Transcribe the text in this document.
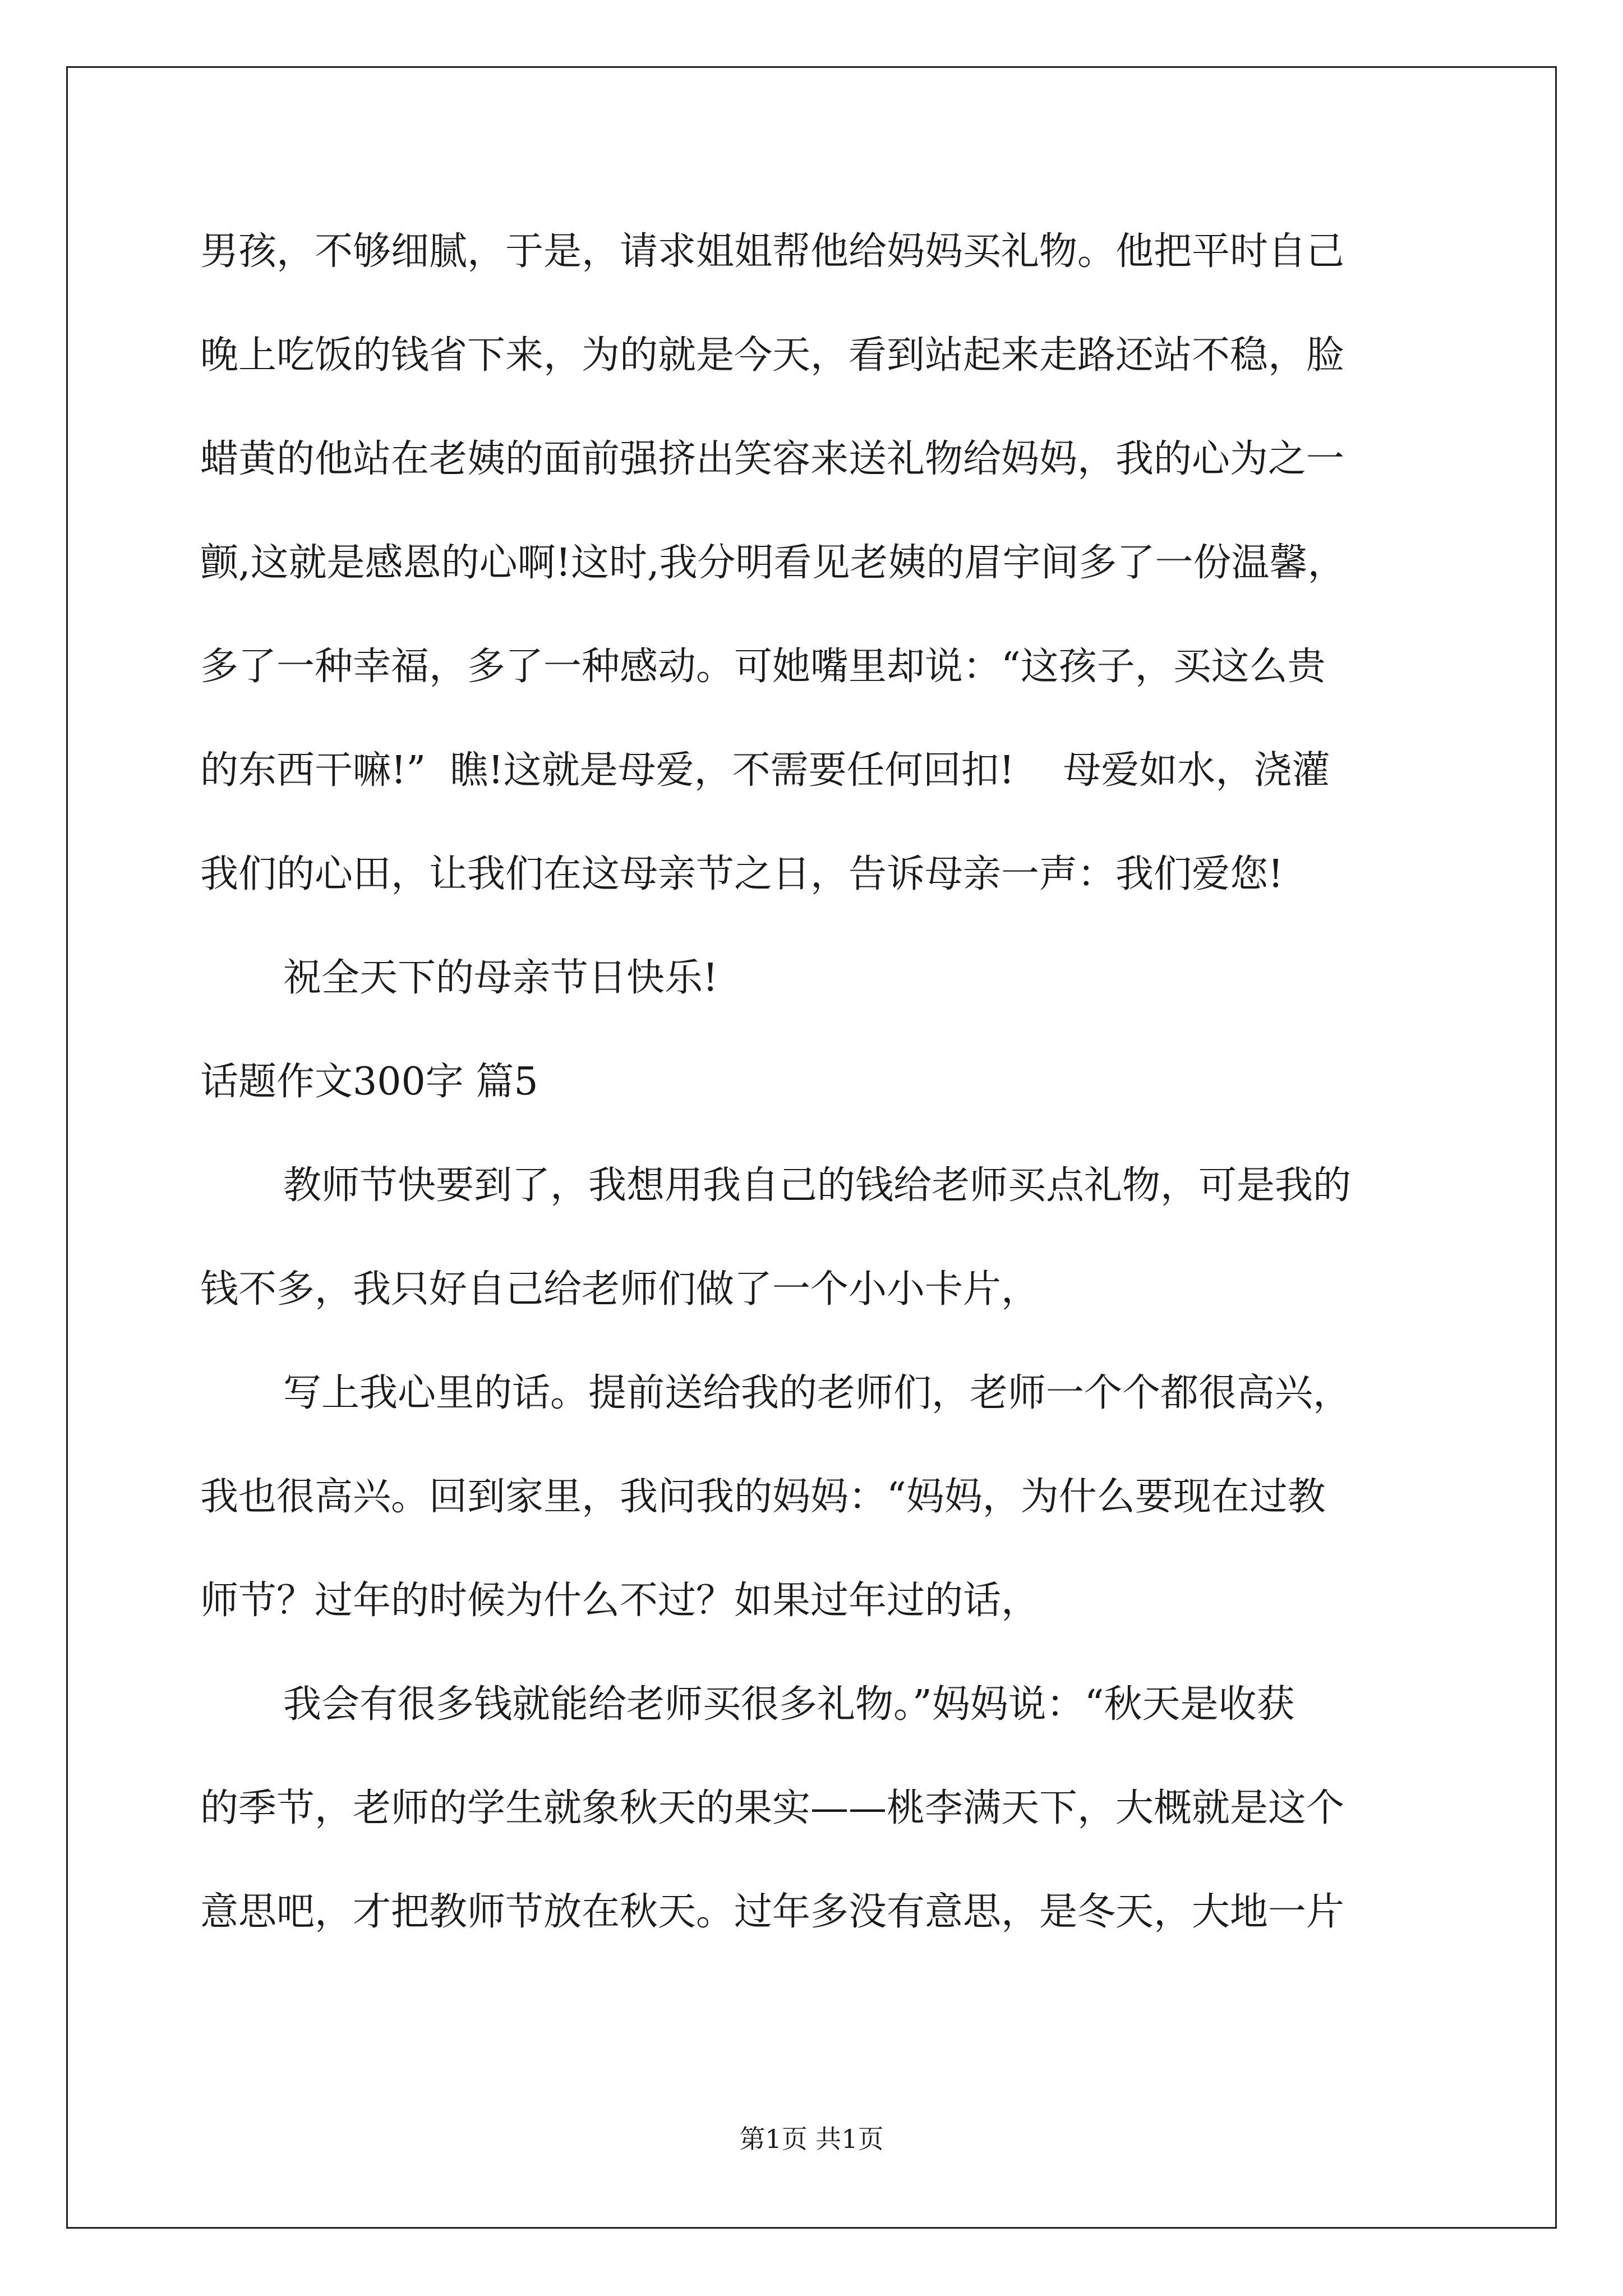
男孩，不够细腻，于是，请求姐姐帮他给妈妈买礼物。他把平时自己
晚上吃饭的钱省下来，为的就是今天，看到站起来走路还站不稳，脸
蜡黄的他站在老姨的面前强挤出笑容来送礼物给妈妈，我的心为之一
颤,这就是感恩的心啊!这时,我分明看见老姨的眉宇间多了一份温馨，
多了一种幸福，多了一种感动。可她嘴里却说：“这孩子，买这么贵
的东西干嘛!”  瞧!这就是母爱，不需要任何回扣!    母爱如水，浇灌
我们的心田，让我们在这母亲节之日，告诉母亲一声：我们爱您!
祝全天下的母亲节日快乐!
话题作文300字 篇5
教师节快要到了，我想用我自己的钱给老师买点礼物，可是我的
钱不多，我只好自己给老师们做了一个小小卡片，
写上我心里的话。提前送给我的老师们，老师一个个都很高兴，
我也很高兴。回到家里，我问我的妈妈：“妈妈，为什么要现在过教
师节？过年的时候为什么不过？如果过年过的话，
我会有很多钱就能给老师买很多礼物。”妈妈说：“秋天是收获
的季节，老师的学生就象秋天的果实——桃李满天下，大概就是这个
意思吧，才把教师节放在秋天。过年多没有意思，是冬天，大地一片
第1页 共1页
